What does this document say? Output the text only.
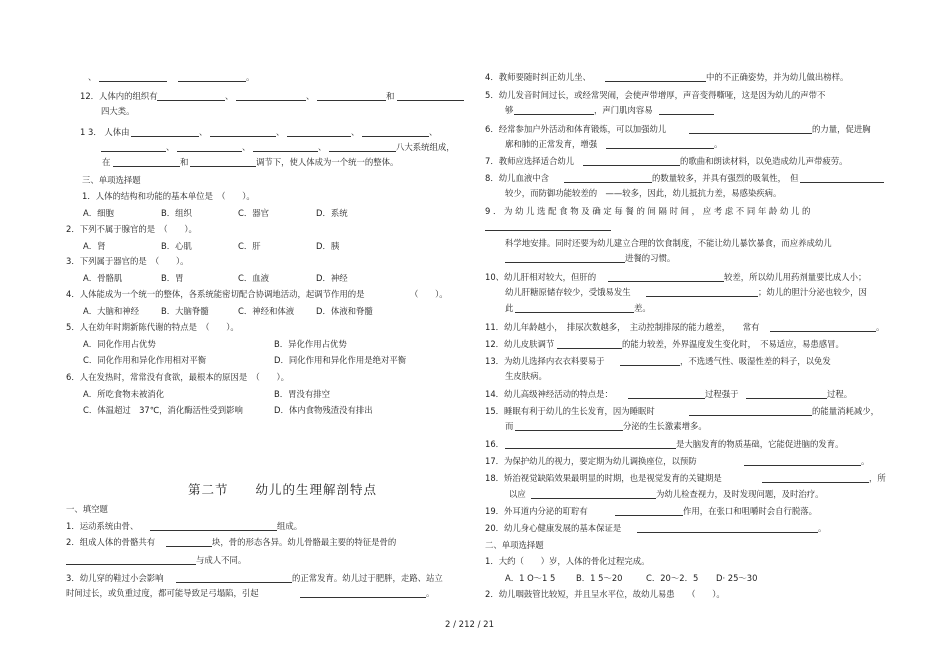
、	。
12．人体内的组织有	、	、	和
四大类。
1 3． 人体由	、	、	、	、
、	、	、	八大系统组成，
在	和	调节下，使人体成为一个统一的整体。
三、单项选择题
1．人体的结构和功能的基本单位是　（　　）。
A．细胞	B．组织	C．器官	D．系统
2．下列不属于腺官的是　（　　）。
A．肾	B．心肌	C．肝	D．胰
3．下列属于器官的是　（　　）。
A．骨骼肌	B．胃	C．血液	D．神经
4．人体能成为一个统一的整体，各系统能密切配合协调地活动，起调节作用的是	（　　）。
A．大脑和神经	B．大脑脊髓	C．神经和体液	D．体液和脊髓
5．人在幼年时期新陈代谢的特点是　（　　）。
A．同化作用占优势	B．异化作用占优势
C．同化作用和异化作用相对平衡	D．同化作用和异化作用是绝对平衡
6．人在发热时，常常没有食欲，最根本的原因是　（　　）。
A．所吃食物未被消化	B．胃没有排空
C．体温超过　37℃，消化酶活性受到影响	D．体内食物残渣没有排出
一、填空题
1．运动系统由骨、	组成。
2．组成人体的骨骼共有	块，骨的形态各异。幼儿骨骼最主要的特征是骨的
与成人不同。
3．幼儿穿的鞋过小会影响	的正常发育。幼儿过于肥胖，走路、站立
时间过长，或负重过度，都可能导致足弓塌陷，引起	。
4．教师要随时纠正幼儿坐、	中的不正确姿势，并为幼儿做出榜样。
5．幼儿发音时间过长，或经常哭闹，会使声带增厚，声音变得嘶哑，这是因为幼儿的声带不
够	，声门肌肉容易
6．经常参加户外活动和体育锻炼，可以加强幼儿	的力量，促进胸
廓和肺的正常发育，增强	。
7．教师应选择适合幼儿	的歌曲和朗读材料，以免造成幼儿声带疲劳。
8．幼儿血液中含	的数量较多，并具有强烈的吸氧性，　但
较少，而防御功能较差的　——较多，因此，幼儿抵抗力差，易感染疾病。
9 ． 为 幼 儿 选 配 食 物 及 确 定 每 餐 的 间 隔 时 间 ， 应 考 虑 不 同 年 龄 幼 儿 的
科学地安排。同时还要为幼儿建立合理的饮食制度，不能让幼儿暴饮暴食，而应养成幼儿
进餐的习惯。
10、幼儿肝相对较大，但肝的	较差，所以幼儿用药剂量要比成人小；
幼儿肝糖原储存较少，受饿易发生	；幼儿的胆汁分泌也较少，因
此	差。
11．幼儿年龄越小，　排尿次数越多，　主动控制排尿的能力越差，　　常有	。
12．幼儿皮肤调节	的能力较差，外界温度发生变化时，　不易适应，易患感冒。
13．为幼儿选择内衣衣料要易于	，不选透气性、吸湿性差的料子，以免发
生皮肤病。
14．幼儿高级神经活动的特点是：	过程强于	过程。
15．睡眠有利于幼儿的生长发育，因为睡眠时	的能量消耗减少，
而	分泌的生长激素增多。
16．	是大脑发育的物质基础，它能促进脑的发育。
17．为保护幼儿的视力，要定期为幼儿调换座位，以预防	。
18．矫治视觉缺陷效果最明显的时期，也是视觉发育的关键期是	，所
以应	为幼儿检查视力，及时发现问题，及时治疗。
19．外耳道内分泌的耵聍有	作用，在张口和咀嚼时会自行脱落。
20．幼儿身心健康发展的基本保证是	。
二、单项选择题
1．大约（　　）岁，人体的骨化过程完成。
A．1 O～1 5 B．1 5～20	C．20～2．5 D· 25～30
2．幼儿咽鼓管比较短，并且呈水平位，故幼儿易患　　（　　）。
第二节　　幼儿的生理解剖特点
2 / 212 / 21
